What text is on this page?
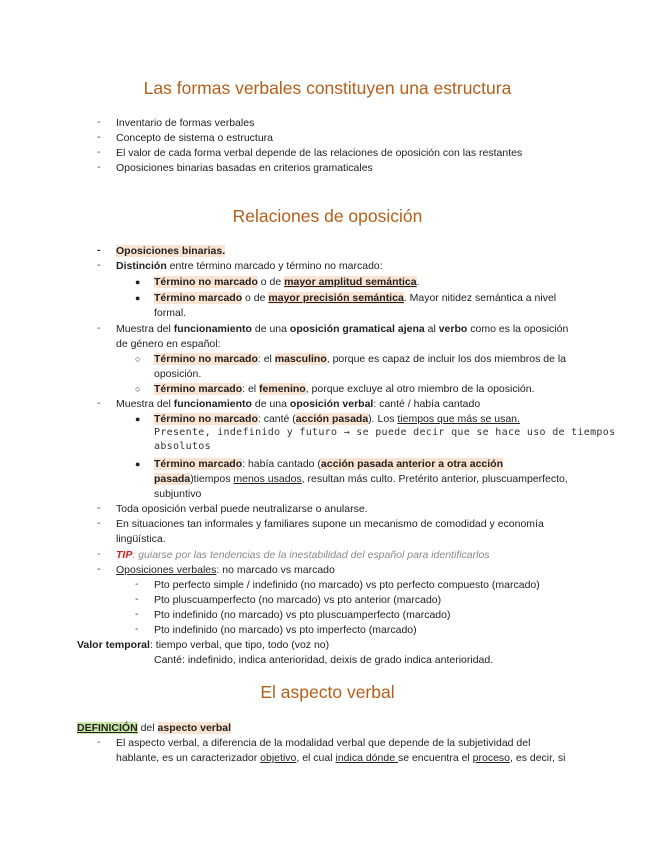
Las formas verbales constituyen una estructura
-	Inventario de formas verbales
-	Concepto de sistema o estructura
-	El valor de cada forma verbal depende de las relaciones de oposición con las restantes
-	Oposiciones binarias basadas en criterios gramaticales
Relaciones de oposición
-	Oposiciones binarias.
-	Distinción entre término marcado y término no marcado:
● Término no marcado o de mayor amplitud semántica.
● Término marcado o de mayor precisión semántica. Mayor nitidez semántica a nivel
formal.
-	Muestra del funcionamiento de una oposición gramatical ajena al verbo como es la oposición
de género en español:
○ Término no marcado: el masculino, porque es capaz de incluir los dos miembros de la
oposición.
○ Término marcado: el femenino, porque excluye al otro miembro de la oposición.
-	Muestra del funcionamiento de una oposición verbal: canté / había cantado
● Término no marcado: canté (acción pasada). Los tiempos que más se usan.
Presente, indefinido y futuro → se puede decir que se hace uso de tiempos
absolutos
● Término marcado: había cantado (acción pasada anterior a otra acción
pasada)tiempos menos usados, resultan más culto. Pretérito anterior, pluscuamperfecto,
subjuntivo
-	Toda oposición verbal puede neutralizarse o anularse.
-	En situaciones tan informales y familiares supone un mecanismo de comodidad y economía
lingüística.
-	TIP: guiarse por las tendencias de la inestabilidad del español para identificarlos
-	Oposiciones verbales: no marcado vs marcado
-	Pto perfecto simple / indefinido (no marcado) vs pto perfecto compuesto (marcado)
-	Pto pluscuamperfecto (no marcado) vs pto anterior (marcado)
-	Pto indefinido (no marcado) vs pto pluscuamperfecto (marcado)
-	Pto indefinido (no marcado) vs pto imperfecto (marcado)
Valor temporal: tiempo verbal, que tipo, todo (voz no)
Canté: indefinido, indica anterioridad, deixis de grado indica anterioridad.
El aspecto verbal
DEFINICIÓN del aspecto verbal
-	El aspecto verbal, a diferencia de la modalidad verbal que depende de la subjetividad del
hablante, es un caracterizador objetivo, el cual indica dónde se encuentra el proceso, es decir, si
